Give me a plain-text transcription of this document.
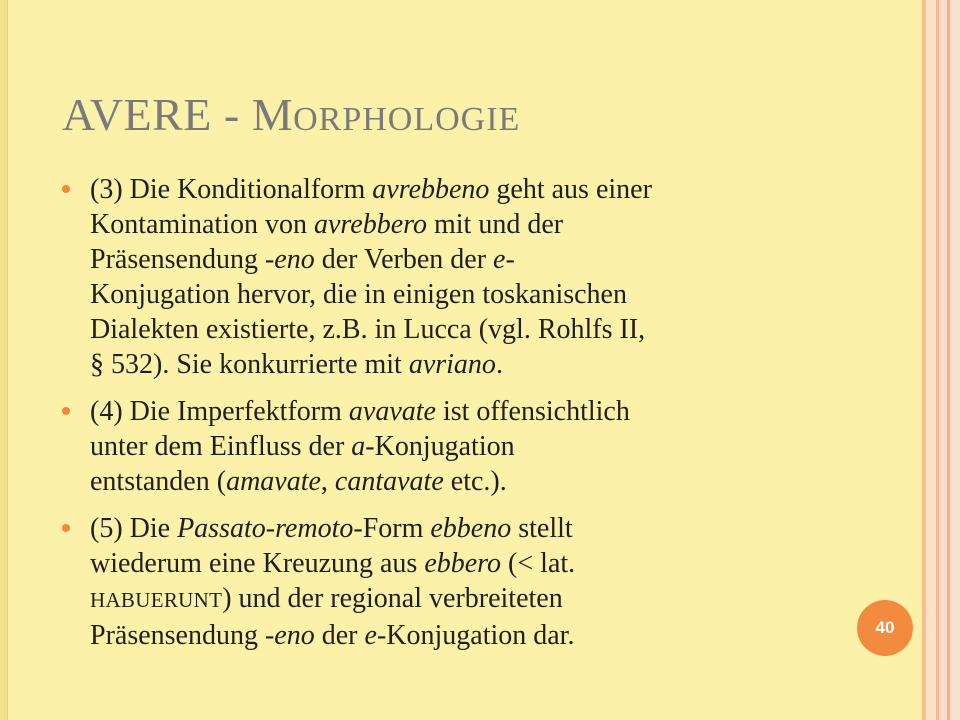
AVERE - MORPHOLOGIE
(3) Die Konditionalform avrebbeno geht aus einer
Kontamination von avrebbero mit und der
Präsensendung -eno der Verben der e-
Konjugation hervor, die in einigen toskanischen
Dialekten existierte, z.B. in Lucca (vgl. Rohlfs II,
§ 532). Sie konkurrierte mit avriano.
(4) Die Imperfektform avavate ist offensichtlich
unter dem Einfluss der a-Konjugation
entstanden (amavate, cantavate etc.).
(5) Die Passato-remoto-Form ebbeno stellt
wiederum eine Kreuzung aus ebbero (< lat.
HABUERUNT) und der regional verbreiteten
Präsensendung -eno der e-Konjugation dar.	40
